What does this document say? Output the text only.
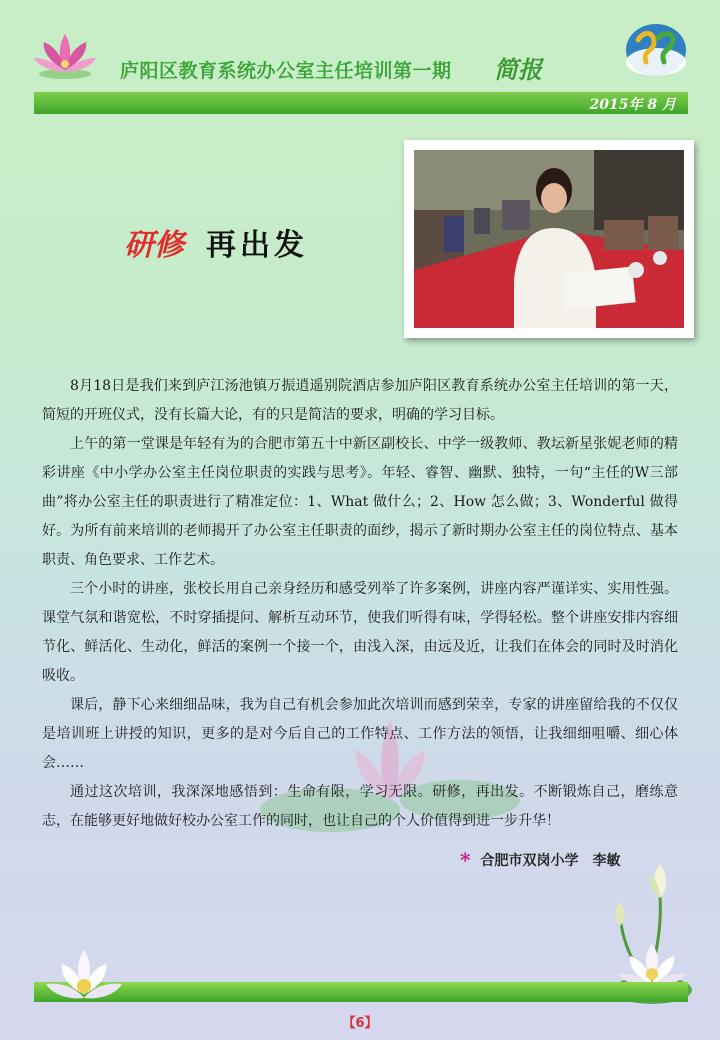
庐阳区教育系统办公室主任培训第一期 简报
2015年 8 月
研修 再出发

8月18日是我们来到庐江汤池镇万振逍遥别院酒店参加庐阳区教育系统办公室主任培训的第一天，简短的开班仪式，没有长篇大论，有的只是简洁的要求，明确的学习目标。

上午的第一堂课是年轻有为的合肥市第五十中新区副校长、中学一级教师、教坛新星张妮老师的精彩讲座《中小学办公室主任岗位职责的实践与思考》。年轻、睿智、幽默、独特，一句“主任的W三部曲”将办公室主任的职责进行了精准定位：1、What 做什么；2、How 怎么做；3、Wonderful 做得好。为所有前来培训的老师揭开了办公室主任职责的面纱，揭示了新时期办公室主任的岗位特点、基本职责、角色要求、工作艺术。

三个小时的讲座，张校长用自己亲身经历和感受列举了许多案例，讲座内容严谨详实、实用性强。课堂气氛和谐宽松，不时穿插提问、解析互动环节，使我们听得有味，学得轻松。整个讲座安排内容细节化、鲜活化、生动化，鲜活的案例一个接一个，由浅入深，由远及近，让我们在体会的同时及时消化吸收。

课后，静下心来细细品味，我为自己有机会参加此次培训而感到荣幸，专家的讲座留给我的不仅仅是培训班上讲授的知识，更多的是对今后自己的工作特点、工作方法的领悟，让我细细咀嚼、细心体会……

通过这次培训，我深深地感悟到：生命有限，学习无限。研修，再出发。不断锻炼自己，磨练意志，在能够更好地做好校办公室工作的同时，也让自己的个人价值得到进一步升华！

* 合肥市双岗小学 李敏
【6】
